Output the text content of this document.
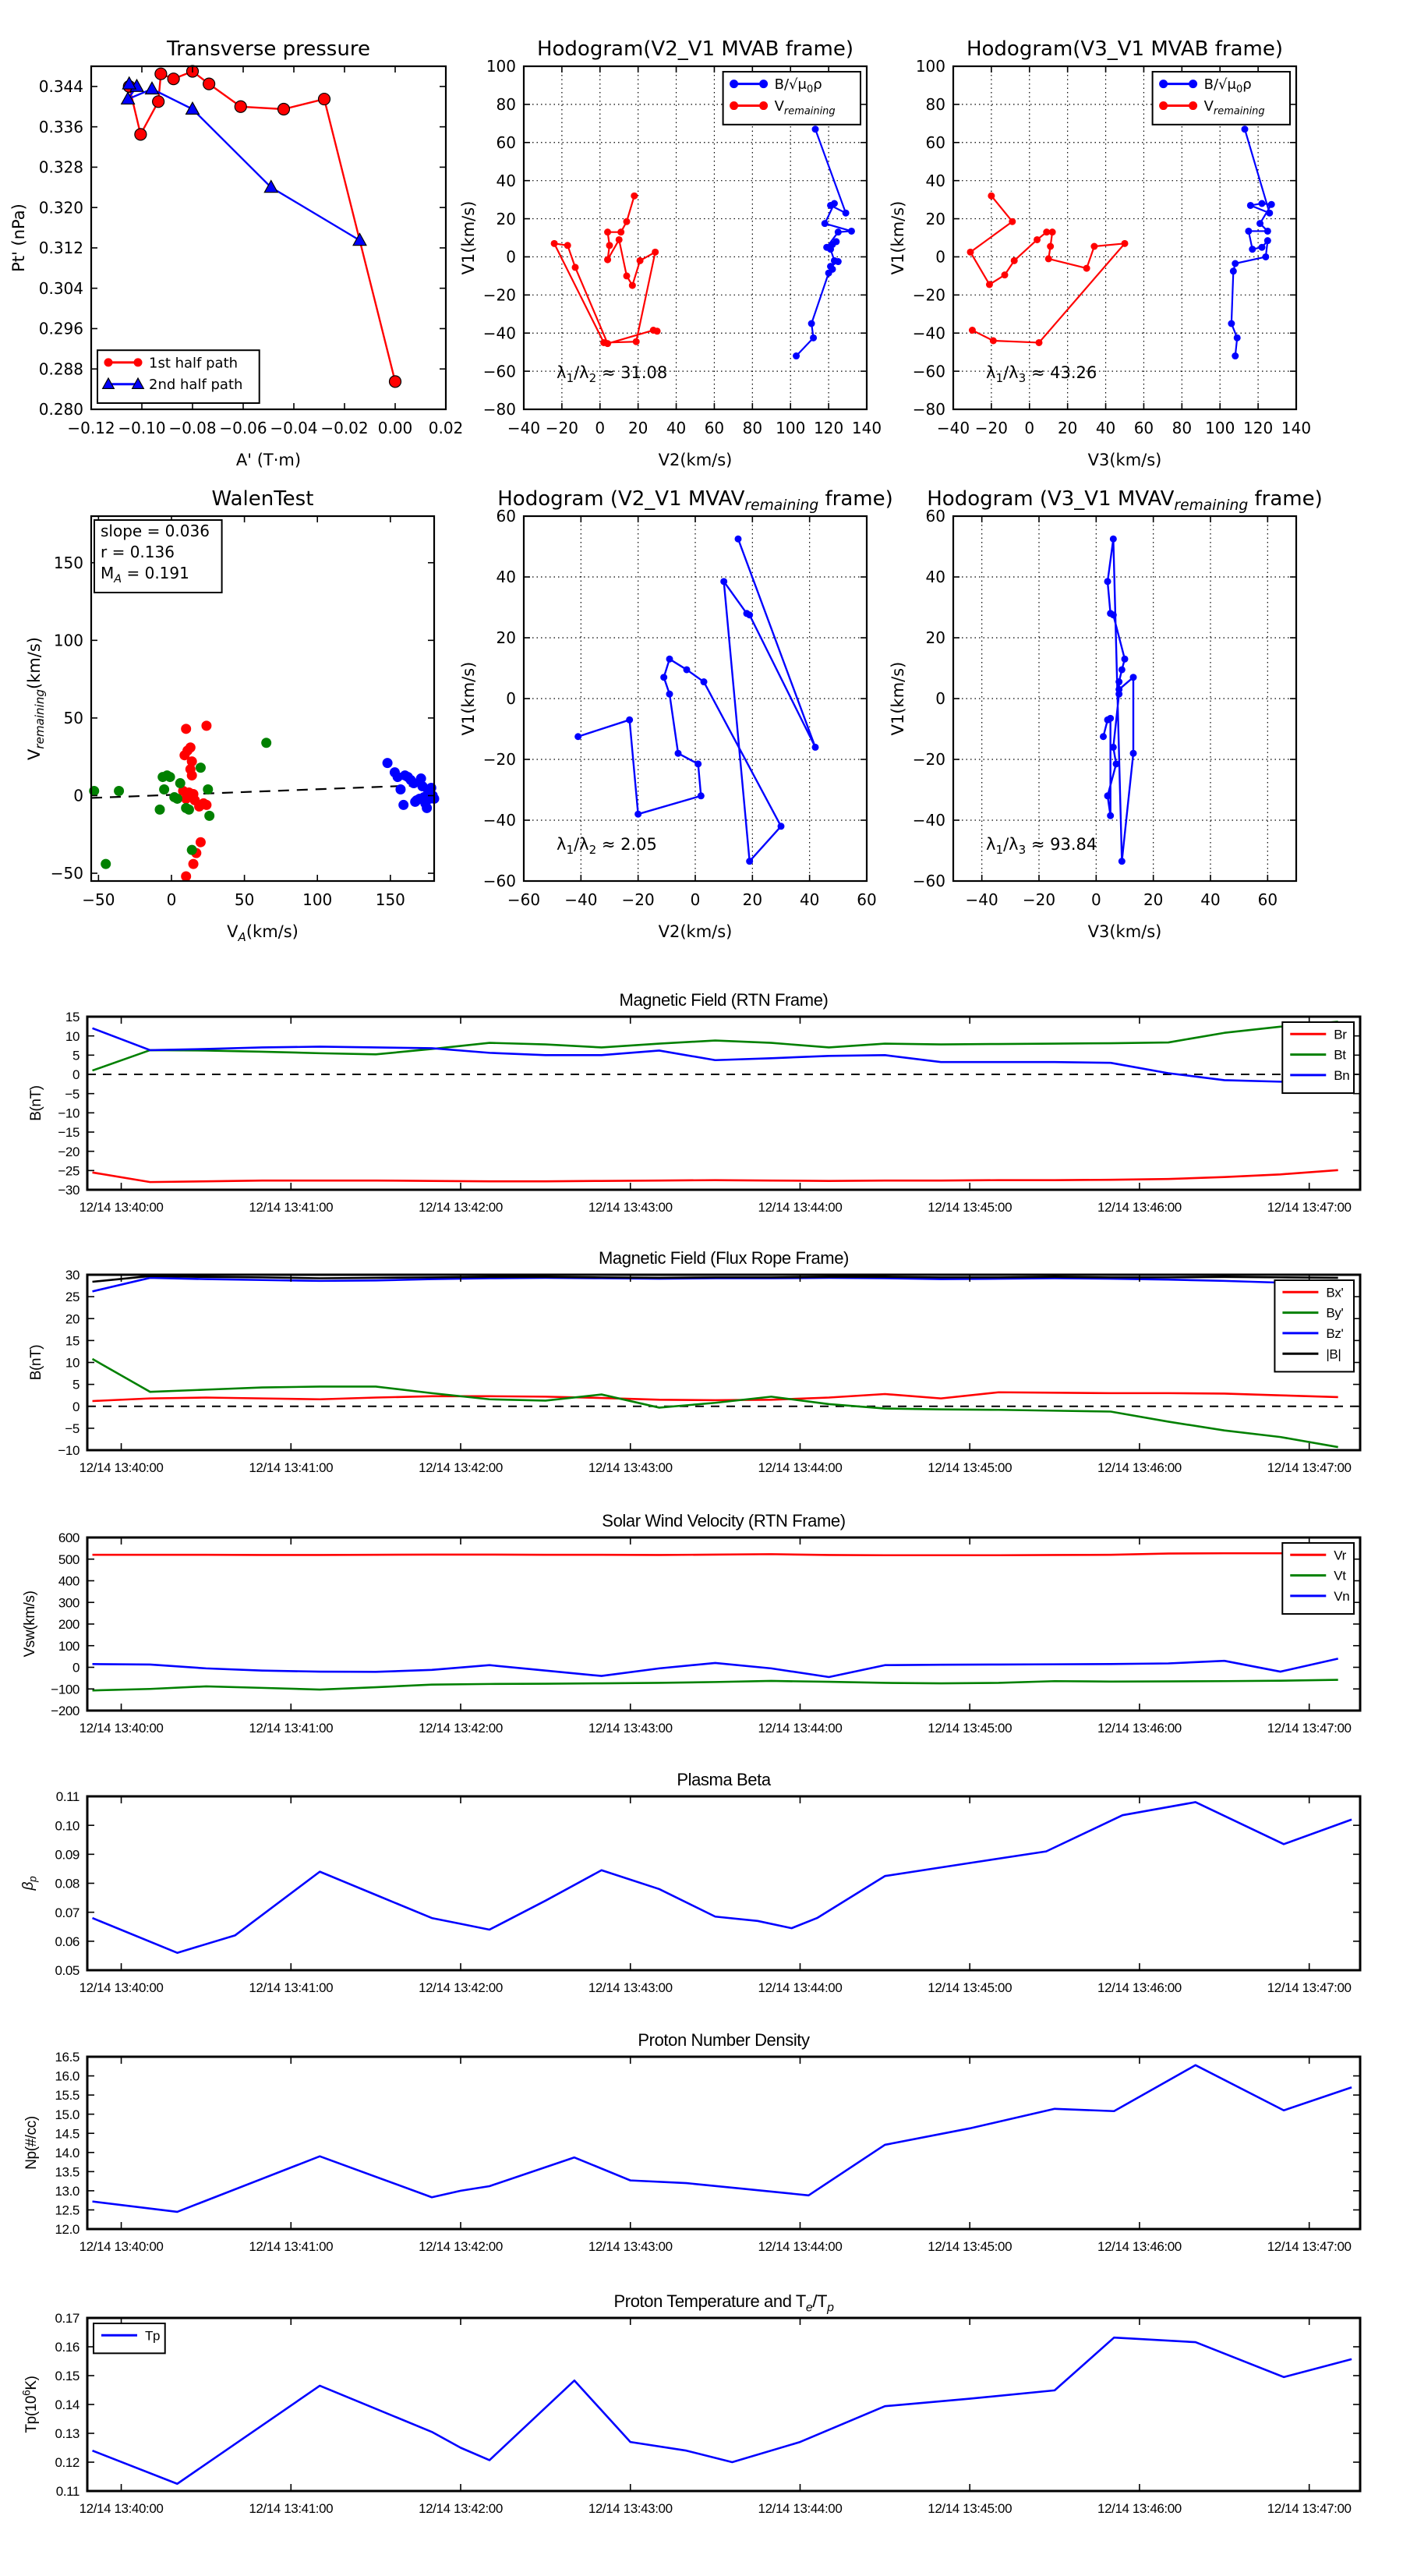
Transverse pressure
−0.12 −0.10 −0.08 −0.06 −0.04 −0.02 0.00 0.02
0.280
0.288
0.296
0.304
0.312
0.320
0.328
0.336
0.344
A' (T·m)
Pt' (nPa)
1st half path
2nd half path
Hodogram(V2_V1 MVAB frame)
−40 −20 0 20 40 60 80 100 120 140
−80
−60
−40
−20
0
20
40
60
80
100
V2(km/s)
V1(km/s)
$\lambda_1/\lambda_2 \approx 31.08$
$B/√\mu_0\rho$
$V_{remaining}$
Hodogram(V3_V1 MVAB frame)
−40 −20 0 20 40 60 80 100 120 140
−80
−60
−40
−20
0
20
40
60
80
100
V3(km/s)
V1(km/s)
$\lambda_1/\lambda_3 \approx 43.26$
$B/√\mu_0\rho$
$V_{remaining}$
WalenTest
−50	0	50	100	150
−50
0
50
100
150
$V_A(km/s)$
$V_{remaining}(km/s)$
slope = 0.036
r = 0.136
$M_A = 0.191$
Hodogram (V2_V1 $MVAV_{remaining}$ frame)
−60 −40 −20 0	20 40 60
−60
−40
−20
0
20
40
60
V2(km/s)
V1(km/s)
$\lambda_1/\lambda_2 \approx 2.05$
Hodogram (V3_V1 $MVAV_{remaining}$ frame)
−40 −20 0	20 40 60
−60
−40
−20
0
20
40
60
V3(km/s)
V1(km/s)
$\lambda_1/\lambda_3 \approx 93.84$
Magnetic Field (RTN Frame)
12/14 13:40:00	12/14 13:41:00	12/14 13:42:00	12/14 13:43:00	12/14 13:44:00	12/14 13:45:00	12/14 13:46:00	12/14 13:47:00
−30
−25
−20
−15
−10
−5
0
5
10
15
B(nT)
Br
Bt
Bn
Magnetic Field (Flux Rope Frame)
12/14 13:40:00	12/14 13:41:00	12/14 13:42:00	12/14 13:43:00	12/14 13:44:00	12/14 13:45:00	12/14 13:46:00	12/14 13:47:00
−10
−5
0
5
10
15
20
25
30
B(nT)
Bx'
By'
Bz'
|B|
Solar Wind Velocity (RTN Frame)
12/14 13:40:00	12/14 13:41:00	12/14 13:42:00	12/14 13:43:00	12/14 13:44:00	12/14 13:45:00	12/14 13:46:00	12/14 13:47:00
−200
−100
0
100
200
300
400
500
600
Vsw(km/s)
Vr
Vt
Vn
Plasma Beta
12/14 13:40:00	12/14 13:41:00	12/14 13:42:00	12/14 13:43:00	12/14 13:44:00	12/14 13:45:00	12/14 13:46:00	12/14 13:47:00
0.05
0.06
0.07
0.08
0.09
0.10
0.11
$\beta_p$
Proton Number Density
12/14 13:40:00	12/14 13:41:00	12/14 13:42:00	12/14 13:43:00	12/14 13:44:00	12/14 13:45:00	12/14 13:46:00	12/14 13:47:00
12.0
12.5
13.0
13.5
14.0
14.5
15.0
15.5
16.0
16.5
Np(#/cc)
Proton Temperature and $T_e/T_p$
12/14 13:40:00	12/14 13:41:00	12/14 13:42:00	12/14 13:43:00	12/14 13:44:00	12/14 13:45:00	12/14 13:46:00	12/14 13:47:00
0.11
0.12
0.13
0.14
0.15
0.16
0.17
$Tp(10^6K)$
Tp
